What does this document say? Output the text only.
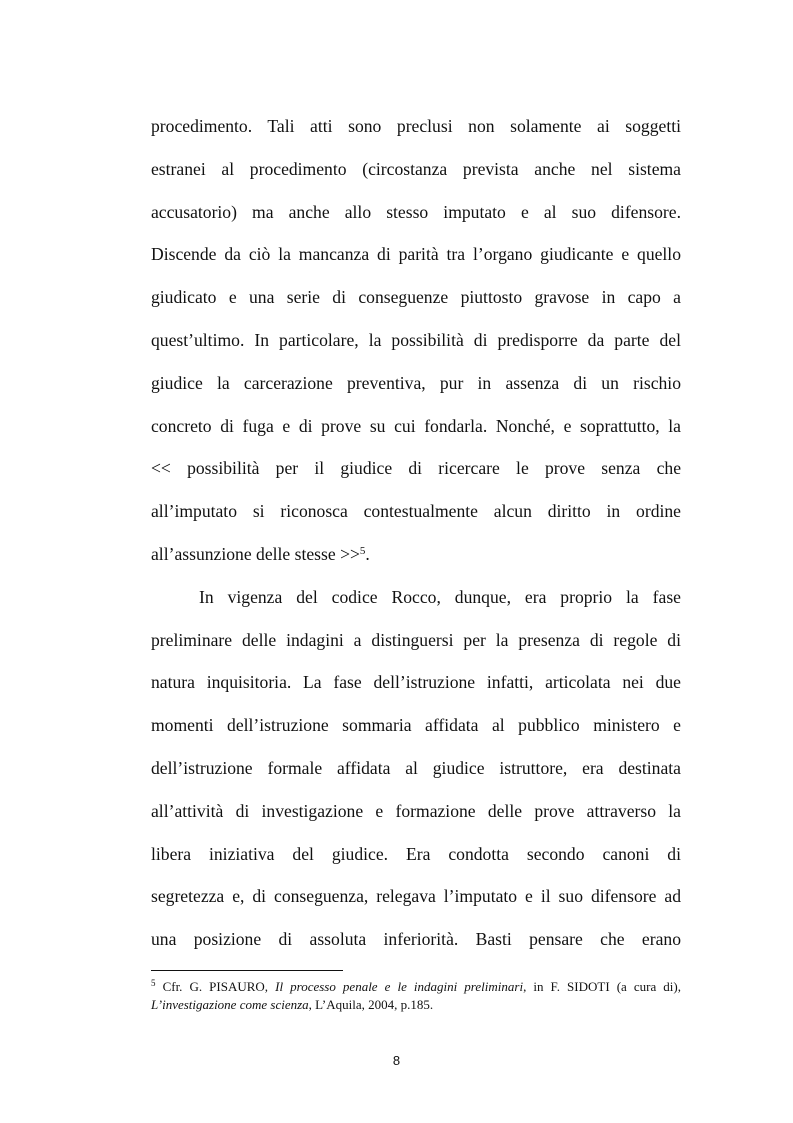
procedimento. Tali atti sono preclusi non solamente ai soggetti
estranei al procedimento (circostanza prevista anche nel sistema
accusatorio) ma anche allo stesso imputato e al suo difensore.
Discende da ciò la mancanza di parità tra l’organo giudicante e quello
giudicato e una serie di conseguenze piuttosto gravose in capo a
quest’ultimo. In particolare, la possibilità di predisporre da parte del
giudice la carcerazione preventiva, pur in assenza di un rischio
concreto di fuga e di prove su cui fondarla. Nonché, e soprattutto, la
<< possibilità per il giudice di ricercare le prove senza che
all’imputato si riconosca contestualmente alcun diritto in ordine
all’assunzione delle stesse >>$^5$.

In vigenza del codice Rocco, dunque, era proprio la fase
preliminare delle indagini a distinguersi per la presenza di regole di
natura inquisitoria. La fase dell’istruzione infatti, articolata nei due
momenti dell’istruzione sommaria affidata al pubblico ministero e
dell’istruzione formale affidata al giudice istruttore, era destinata
all’attività di investigazione e formazione delle prove attraverso la
libera iniziativa del giudice. Era condotta secondo canoni di
segretezza e, di conseguenza, relegava l’imputato e il suo difensore ad
una posizione di assoluta inferiorità. Basti pensare che erano

$^5$ Cfr. G. PISAURO, Il processo penale e le indagini preliminari, in F. SIDOTI (a cura di),
L’investigazione come scienza, L’Aquila, 2004, p.185.
8
